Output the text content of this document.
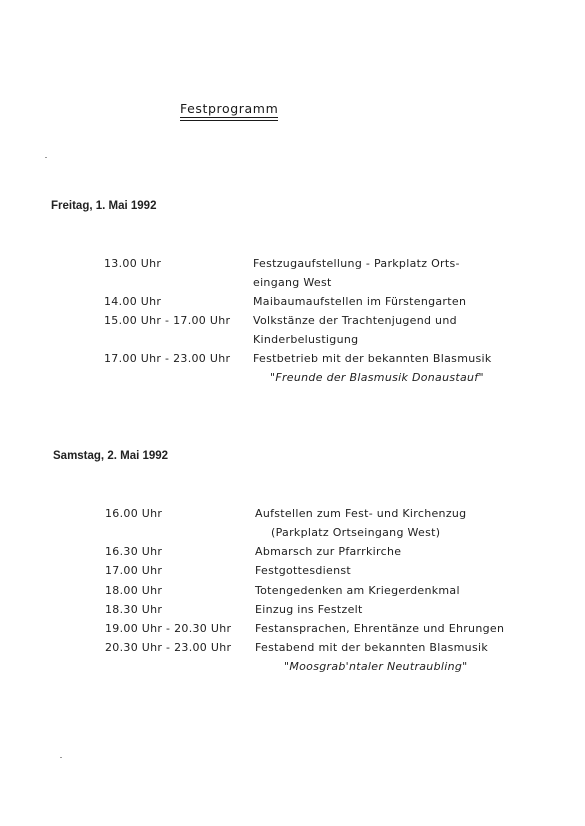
Festprogramm
Freitag, 1. Mai 1992
13.00 Uhr	Festzugaufstellung - Parkplatz Orts-
eingang West
14.00 Uhr	Maibaumaufstellen im Fürstengarten
15.00 Uhr - 17.00 Uhr Volkstänze der Trachtenjugend und
Kinderbelustigung
17.00 Uhr - 23.00 Uhr Festbetrieb mit der bekannten Blasmusik
"Freunde der Blasmusik Donaustauf"
Samstag, 2. Mai 1992
16.00 Uhr	Aufstellen zum Fest- und Kirchenzug
(Parkplatz Ortseingang West)
16.30 Uhr	Abmarsch zur Pfarrkirche
17.00 Uhr	Festgottesdienst
18.00 Uhr	Totengedenken am Kriegerdenkmal
18.30 Uhr	Einzug ins Festzelt
19.00 Uhr - 20.30 Uhr Festansprachen, Ehrentänze und Ehrungen
20.30 Uhr - 23.00 Uhr Festabend mit der bekannten Blasmusik
"Moosgrab'ntaler Neutraubling"
